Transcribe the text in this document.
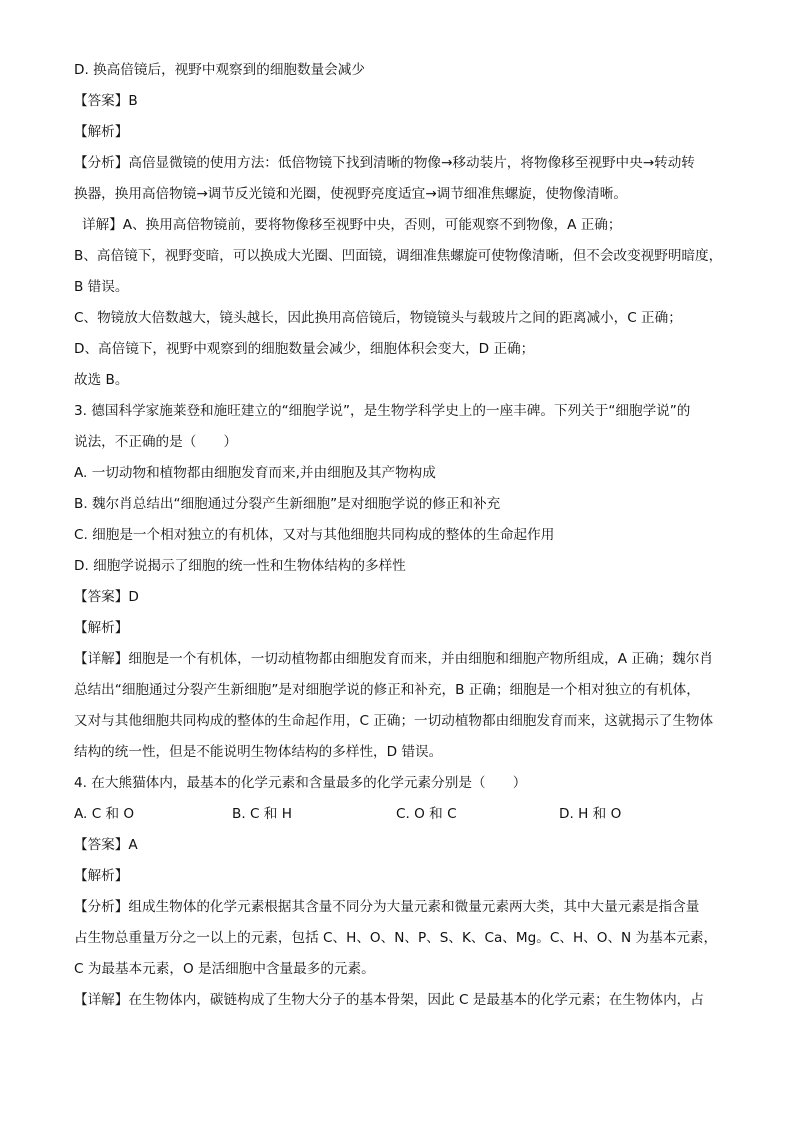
D. 换高倍镜后，视野中观察到的细胞数量会减少

【答案】B

【解析】

【分析】高倍显微镜的使用方法：低倍物镜下找到清晰的物像→移动装片，将物像移至视野中央→转动转

换器，换用高倍物镜→调节反光镜和光圈，使视野亮度适宜→调节细准焦螺旋，使物像清晰。

详解】A、换用高倍物镜前，要将物像移至视野中央，否则，可能观察不到物像，A 正确；

B、高倍镜下，视野变暗，可以换成大光圈、凹面镜，调细准焦螺旋可使物像清晰，但不会改变视野明暗度，

B 错误。

C、物镜放大倍数越大，镜头越长，因此换用高倍镜后，物镜镜头与载玻片之间的距离减小，C 正确；

D、高倍镜下，视野中观察到的细胞数量会减少，细胞体积会变大，D 正确；

故选 B。

3. 德国科学家施莱登和施旺建立的“细胞学说”，是生物学科学史上的一座丰碑。下列关于“细胞学说”的

说法，不正确的是（　　）

A. 一切动物和植物都由细胞发育而来,并由细胞及其产物构成

B. 魏尔肖总结出“细胞通过分裂产生新细胞”是对细胞学说的修正和补充

C. 细胞是一个相对独立的有机体，又对与其他细胞共同构成的整体的生命起作用

D. 细胞学说揭示了细胞的统一性和生物体结构的多样性

【答案】D

【解析】

【详解】细胞是一个有机体，一切动植物都由细胞发育而来，并由细胞和细胞产物所组成，A 正确；魏尔肖

总结出“细胞通过分裂产生新细胞”是对细胞学说的修正和补充，B 正确；细胞是一个相对独立的有机体，

又对与其他细胞共同构成的整体的生命起作用，C 正确；一切动植物都由细胞发育而来，这就揭示了生物体

结构的统一性，但是不能说明生物体结构的多样性，D 错误。

4. 在大熊猫体内，最基本的化学元素和含量最多的化学元素分别是（　　）

A. C 和 O	B. C 和 H	C. O 和 C	D. H 和 O

【答案】A

【解析】

【分析】组成生物体的化学元素根据其含量不同分为大量元素和微量元素两大类，其中大量元素是指含量

占生物总重量万分之一以上的元素，包括 C、H、O、N、P、S、K、Ca、Mg。C、H、O、N 为基本元素，

C 为最基本元素，O 是活细胞中含量最多的元素。

【详解】在生物体内，碳链构成了生物大分子的基本骨架，因此 C 是最基本的化学元素；在生物体内，占
